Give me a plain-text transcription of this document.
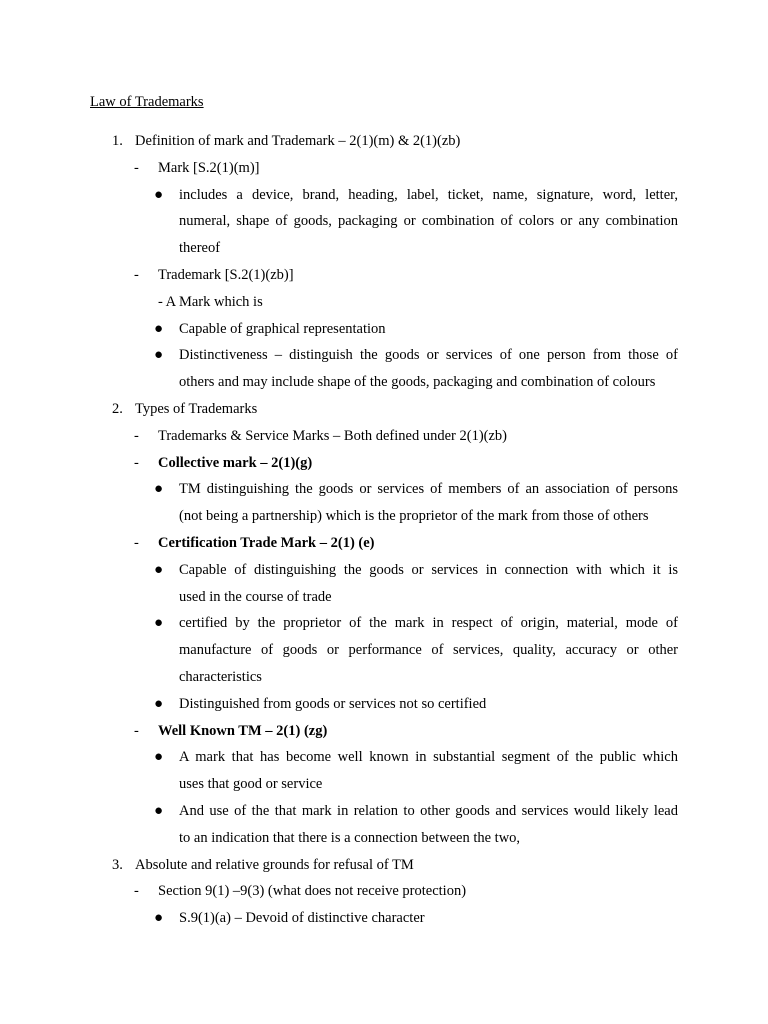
Law of Trademarks
1. Definition of mark and Trademark – 2(1)(m) & 2(1)(zb)
- Mark [S.2(1)(m)]
● includes a device, brand, heading, label, ticket, name, signature, word, letter,
numeral, shape of goods, packaging or combination of colors or any combination
thereof
- Trademark [S.2(1)(zb)]
- A Mark which is
● Capable of graphical representation
● Distinctiveness – distinguish the goods or services of one person from those of
others and may include shape of the goods, packaging and combination of colours
2. Types of Trademarks
- Trademarks & Service Marks – Both defined under 2(1)(zb)
- Collective mark – 2(1)(g)
● TM distinguishing the goods or services of members of an association of persons
(not being a partnership) which is the proprietor of the mark from those of others
- Certification Trade Mark – 2(1) (e)
● Capable of distinguishing the goods or services in connection with which it is
used in the course of trade
● certified by the proprietor of the mark in respect of origin, material, mode of
manufacture of goods or performance of services, quality, accuracy or other
characteristics
● Distinguished from goods or services not so certified
- Well Known TM – 2(1) (zg)
● A mark that has become well known in substantial segment of the public which
uses that good or service
● And use of the that mark in relation to other goods and services would likely lead
to an indication that there is a connection between the two,
3. Absolute and relative grounds for refusal of TM
- Section 9(1) –9(3) (what does not receive protection)
● S.9(1)(a) – Devoid of distinctive character
